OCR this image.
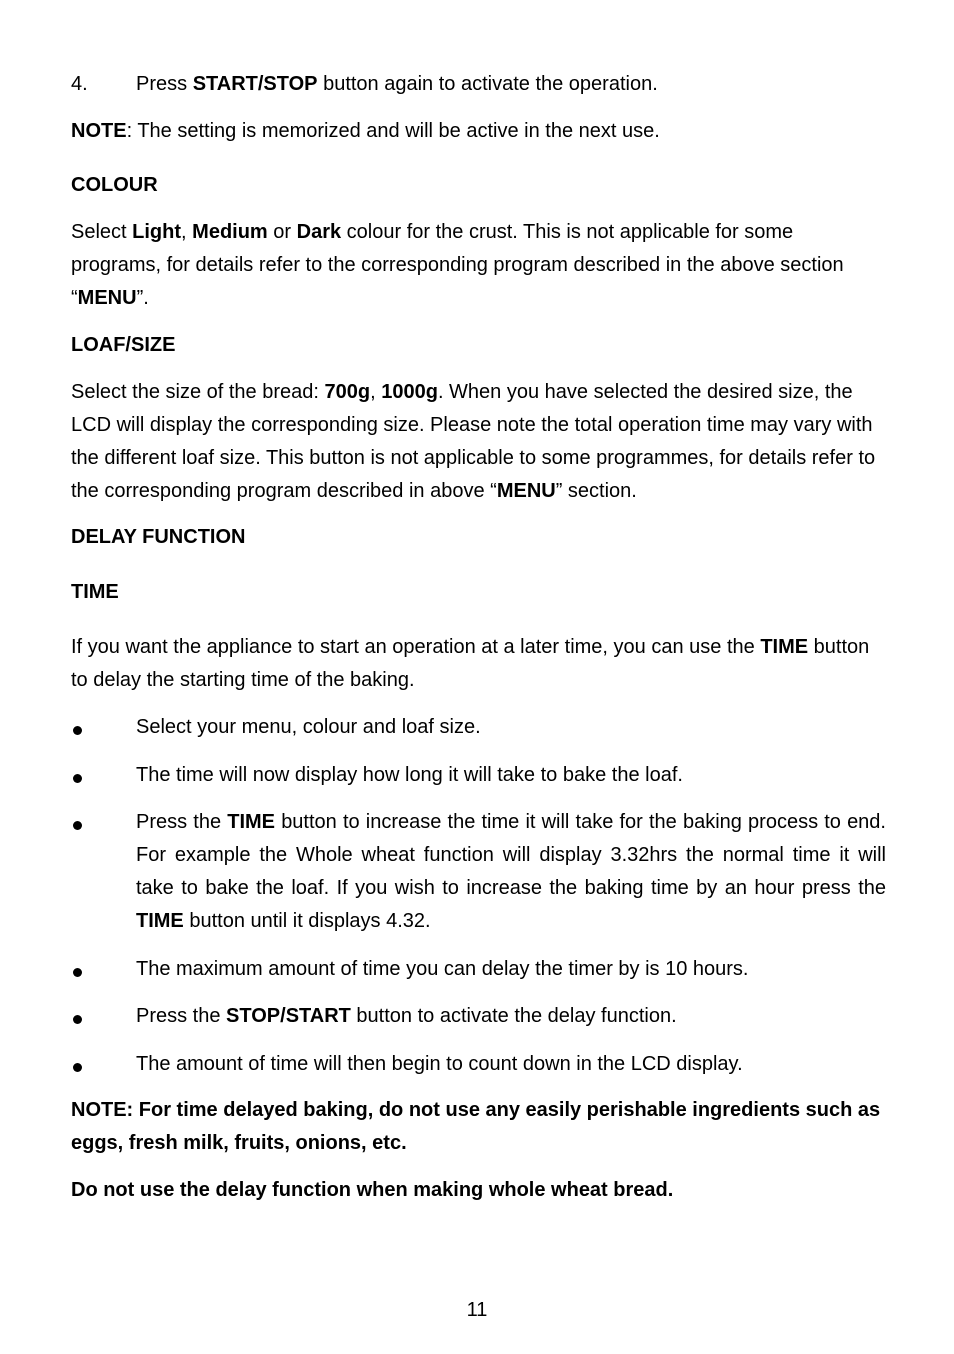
4. Press START/STOP button again to activate the operation.
NOTE: The setting is memorized and will be active in the next use.
COLOUR
Select Light, Medium or Dark colour for the crust. This is not applicable for some programs, for details refer to the corresponding program described in the above section “MENU”.
LOAF/SIZE
Select the size of the bread: 700g, 1000g. When you have selected the desired size, the LCD will display the corresponding size. Please note the total operation time may vary with the different loaf size. This button is not applicable to some programmes, for details refer to the corresponding program described in above “MENU” section.
DELAY FUNCTION
TIME
If you want the appliance to start an operation at a later time, you can use the TIME button to delay the starting time of the baking.
Select your menu, colour and loaf size.
The time will now display how long it will take to bake the loaf.
Press the TIME button to increase the time it will take for the baking process to end. For example the Whole wheat function will display 3.32hrs the normal time it will take to bake the loaf. If you wish to increase the baking time by an hour press the TIME button until it displays 4.32.
The maximum amount of time you can delay the timer by is 10 hours.
Press the STOP/START button to activate the delay function.
The amount of time will then begin to count down in the LCD display.
NOTE: For time delayed baking, do not use any easily perishable ingredients such as eggs, fresh milk, fruits, onions, etc.
Do not use the delay function when making whole wheat bread.
11
